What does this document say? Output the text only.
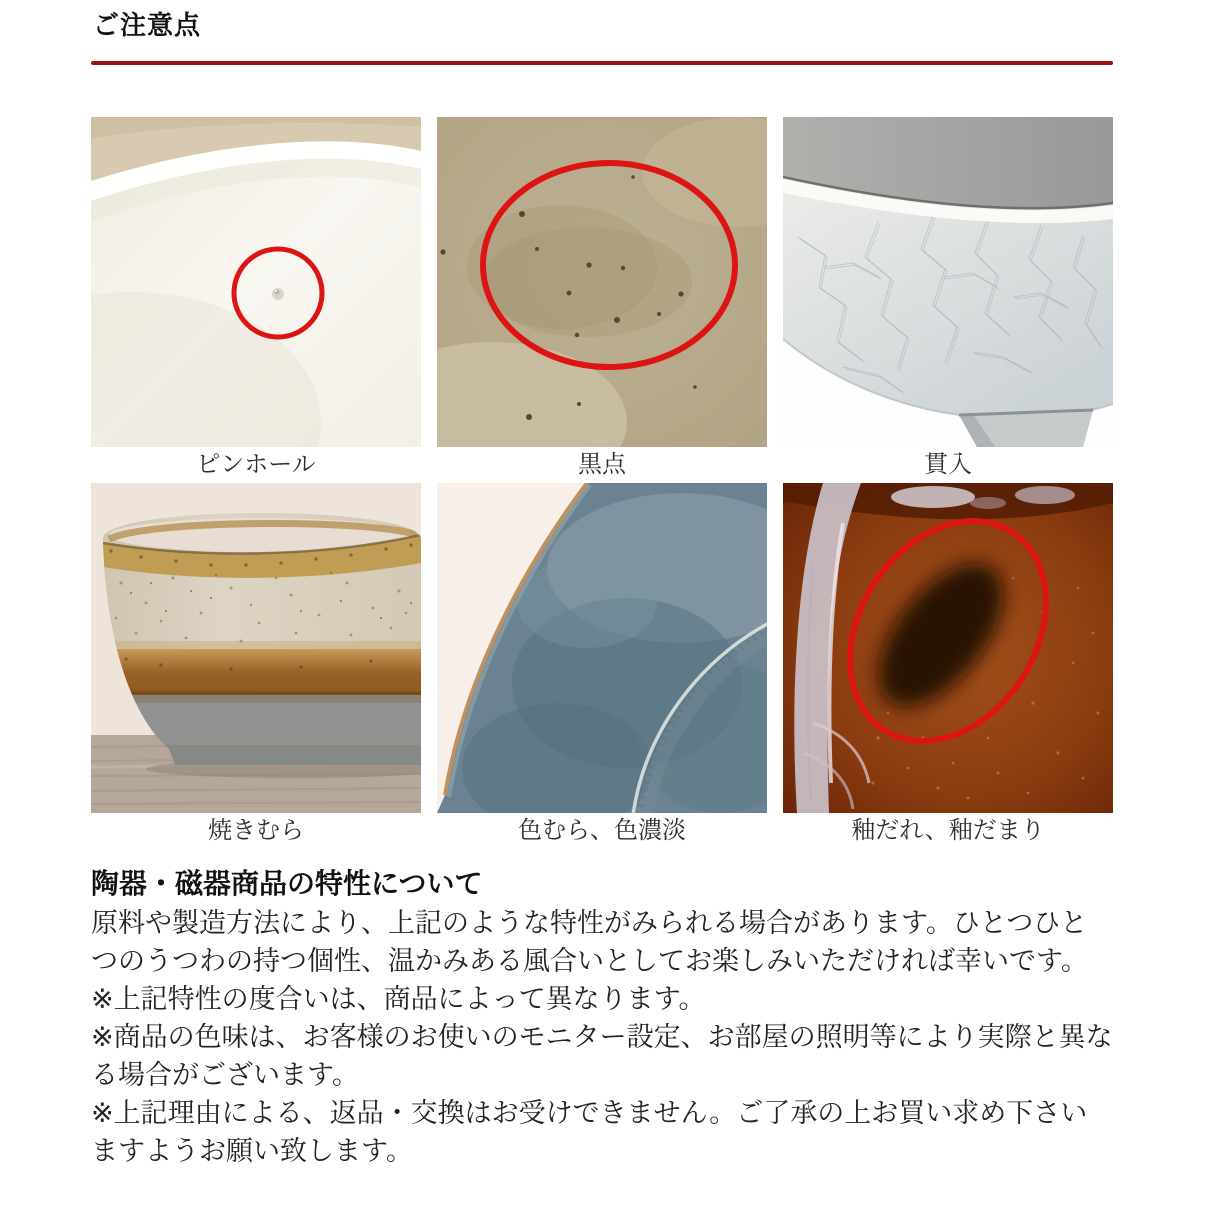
ご注意点
ピンホール	黒点	貫入
焼きむら	色むら、色濃淡	釉だれ、釉だまり
陶器・磁器商品の特性について

原料や製造方法により、上記のような特性がみられる場合があります。ひとつひとつのうつわの持つ個性、温かみある風合いとしてお楽しみいただければ幸いです。

※上記特性の度合いは、商品によって異なります。

※商品の色味は、お客様のお使いのモニター設定、お部屋の照明等により実際と異なる場合がございます。

※上記理由による、返品・交換はお受けできません。ご了承の上お買い求め下さいますようお願い致します。
